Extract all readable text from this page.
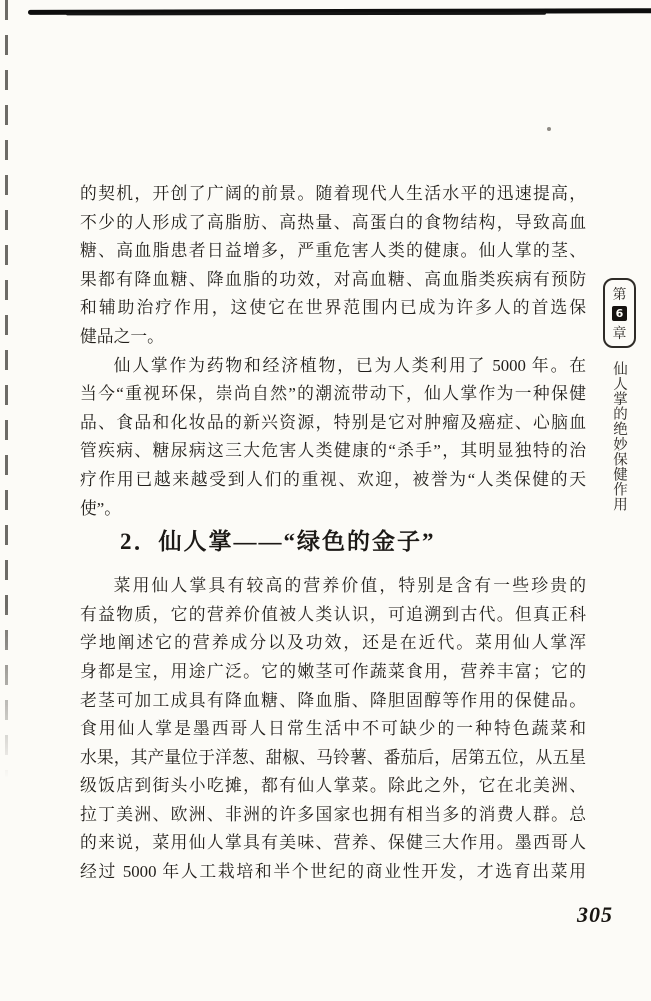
的契机，开创了广阔的前景。随着现代人生活水平的迅速提高，
不少的人形成了高脂肪、高热量、高蛋白的食物结构，导致高血
糖、高血脂患者日益增多，严重危害人类的健康。仙人掌的茎、
果都有降血糖、降血脂的功效，对高血糖、高血脂类疾病有预防
和辅助治疗作用，这使它在世界范围内已成为许多人的首选保
健品之一。
仙人掌作为药物和经济植物，已为人类利用了 5000 年。在
当今“重视环保，崇尚自然”的潮流带动下，仙人掌作为一种保健
品、食品和化妆品的新兴资源，特别是它对肿瘤及癌症、心脑血
管疾病、糖尿病这三大危害人类健康的“杀手”，其明显独特的治
疗作用已越来越受到人们的重视、欢迎，被誉为“人类保健的天
使”。
2．仙人掌——“绿色的金子”
菜用仙人掌具有较高的营养价值，特别是含有一些珍贵的
有益物质，它的营养价值被人类认识，可追溯到古代。但真正科
学地阐述它的营养成分以及功效，还是在近代。菜用仙人掌浑
身都是宝，用途广泛。它的嫩茎可作蔬菜食用，营养丰富；它的
老茎可加工成具有降血糖、降血脂、降胆固醇等作用的保健品。
食用仙人掌是墨西哥人日常生活中不可缺少的一种特色蔬菜和
水果，其产量位于洋葱、甜椒、马铃薯、番茄后，居第五位，从五星
级饭店到街头小吃摊，都有仙人掌菜。除此之外，它在北美洲、
拉丁美洲、欧洲、非洲的许多国家也拥有相当多的消费人群。总
的来说，菜用仙人掌具有美味、营养、保健三大作用。墨西哥人
经过 5000 年人工栽培和半个世纪的商业性开发，才选育出菜用
第
6
章
仙人掌的绝妙保健作用
305
